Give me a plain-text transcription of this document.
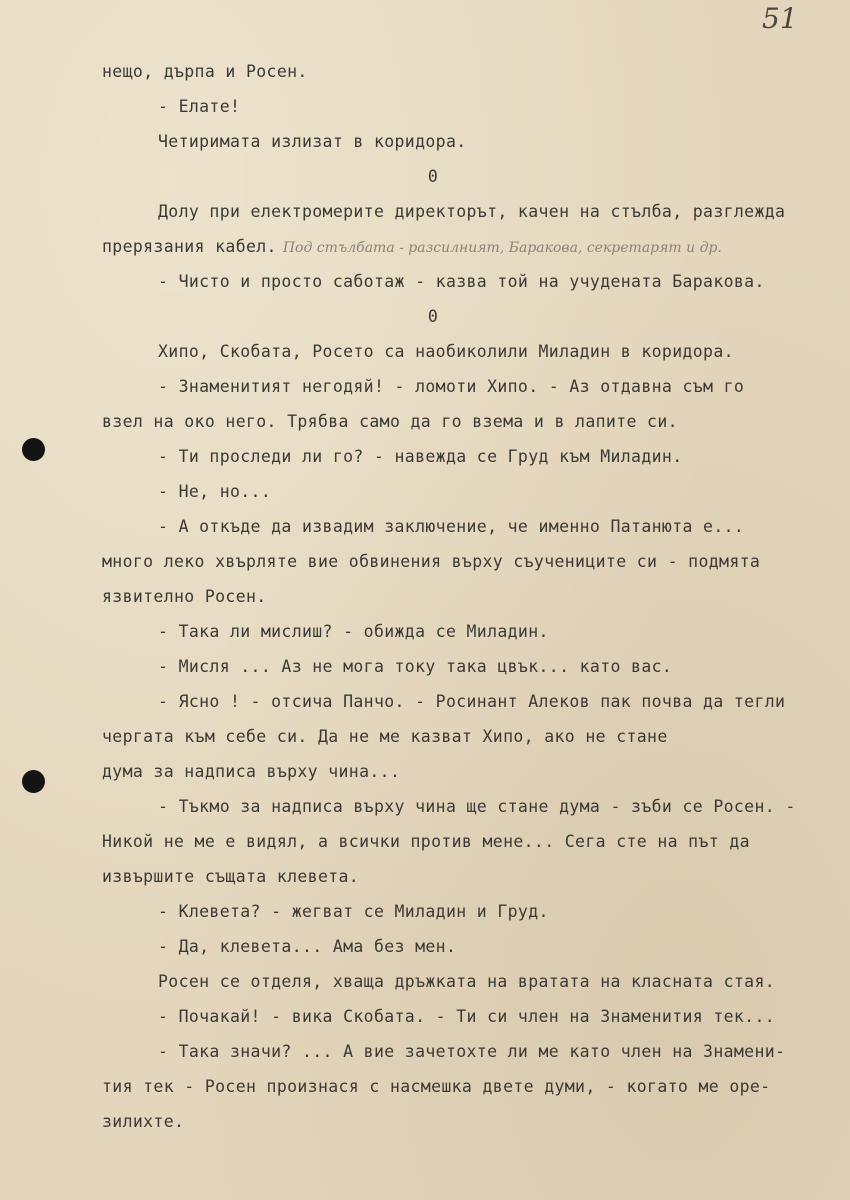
51
нещо, дърпа и Росен.
- Елате!
Четиримата излизат в коридора.
0
Долу при електромерите директорът, качен на стълба, разглежда
прерязания кабел. Под стълбата - разсилният, Баракова, секретарят и др.
- Чисто и просто саботаж - казва той на учудената Баракова.
0
Хипо, Скобата, Росето са наобиколили Миладин в коридора.
- Знаменитият негодяй! - ломоти Хипо. - Аз отдавна съм го
взел на око него. Трябва само да го взема и в лапите си.
- Ти проследи ли го? - навежда се Груд към Миладин.
- Не, но...
- А откъде да извадим заключение, че именно Патанюта е...
много леко хвърляте вие обвинения върху съучениците си - подмята
язвително Росен.
- Така ли мислиш? - обижда се Миладин.
- Мисля ... Аз не мога току така цвък... като вас.
- Ясно ! - отсича Панчо. - Росинант Алеков пак почва да тегли
чергата към себе си. Да не ме казват Хипо, ако не стане
дума за надписа върху чина...
- Тъкмо за надписа върху чина ще стане дума - зъби се Росен. -
Никой не ме е видял, а всички против мене... Сега сте на път да
извършите същата клевета.
- Клевета? - жегват се Миладин и Груд.
- Да, клевета... Ама без мен.
Росен се отделя, хваща дръжката на вратата на класната стая.
- Почакай! - вика Скобата. - Ти си член на Знаменития тек...
- Така значи? ... А вие зачетохте ли ме като член на Знамени-
тия тек - Росен произнася с насмешка двете думи, - когато ме оре-
зилихте.
